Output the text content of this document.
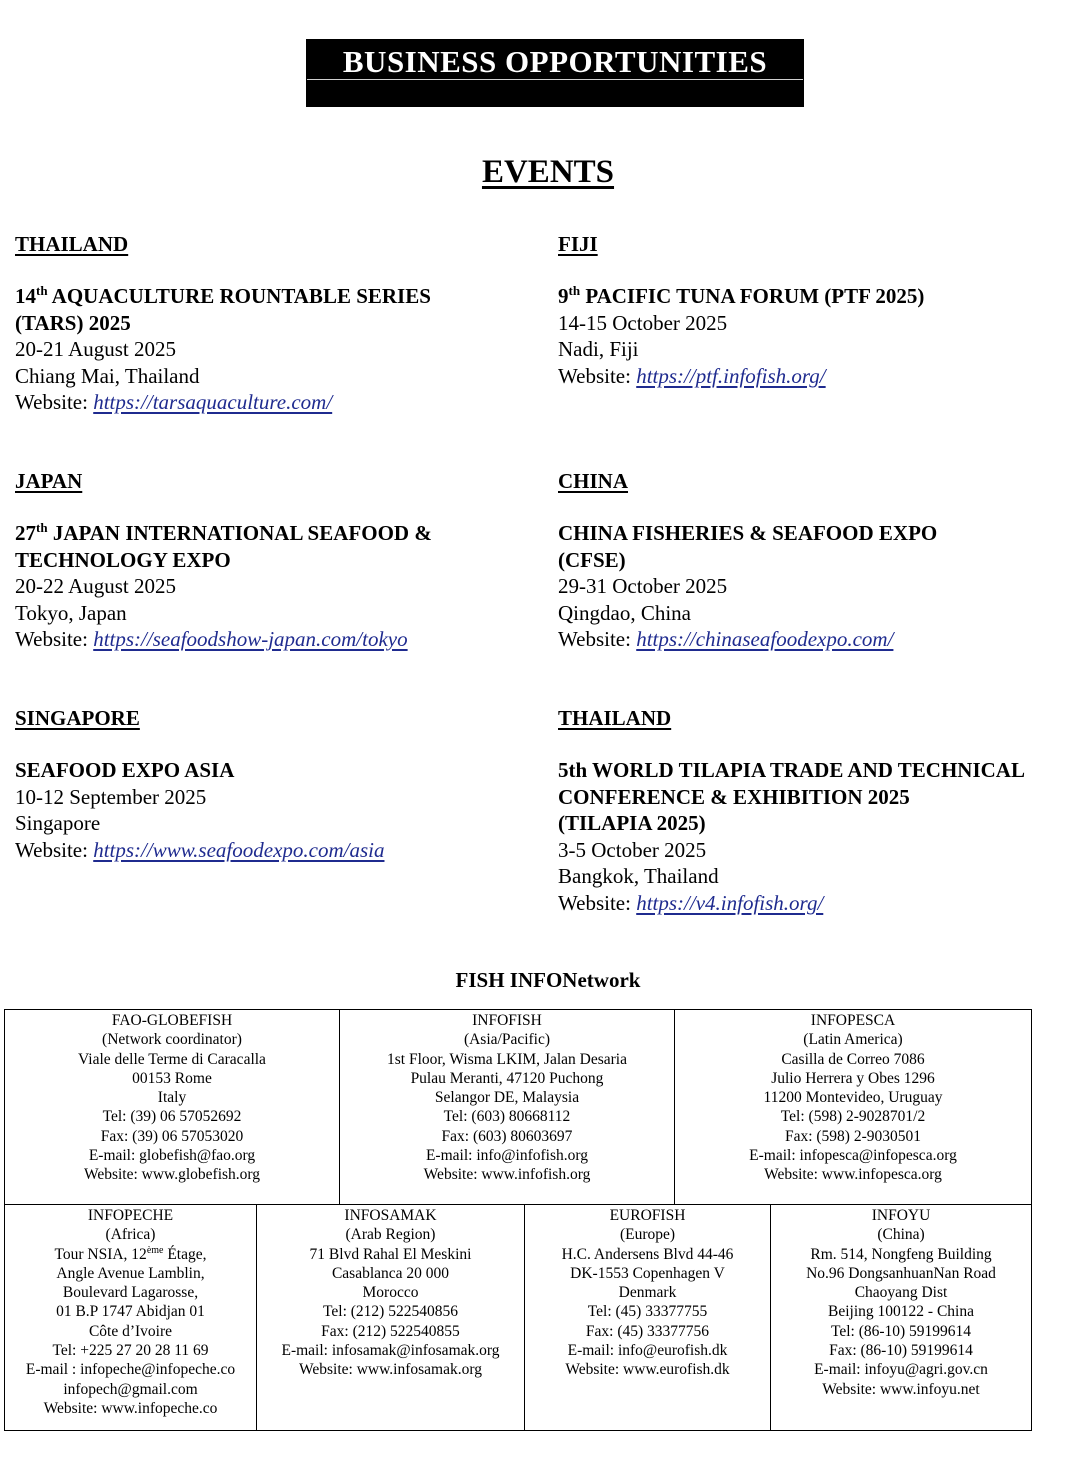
BUSINESS OPPORTUNITIES
EVENTS
THAILAND
14th AQUACULTURE ROUNTABLE SERIES
(TARS) 2025
20-21 August 2025
Chiang Mai, Thailand
Website: https://tarsaquaculture.com/
FIJI
9th PACIFIC TUNA FORUM (PTF 2025)
14-15 October 2025
Nadi, Fiji
Website: https://ptf.infofish.org/
JAPAN
27th JAPAN INTERNATIONAL SEAFOOD &
TECHNOLOGY EXPO
20-22 August 2025
Tokyo, Japan
Website: https://seafoodshow-japan.com/tokyo
CHINA
CHINA FISHERIES & SEAFOOD EXPO
(CFSE)
29-31 October 2025
Qingdao, China
Website: https://chinaseafoodexpo.com/
SINGAPORE
SEAFOOD EXPO ASIA
10-12 September 2025
Singapore
Website: https://www.seafoodexpo.com/asia
THAILAND
5th WORLD TILAPIA TRADE AND TECHNICAL
CONFERENCE & EXHIBITION 2025
(TILAPIA 2025)
3-5 October 2025
Bangkok, Thailand
Website: https://v4.infofish.org/
FISH INFONetwork
FAO-GLOBEFISH
(Network coordinator)
Viale delle Terme di Caracalla
00153 Rome
Italy
Tel: (39) 06 57052692
Fax: (39) 06 57053020
E-mail: globefish@fao.org
Website: www.globefish.org
INFOFISH
(Asia/Pacific)
1st Floor, Wisma LKIM, Jalan Desaria
Pulau Meranti, 47120 Puchong
Selangor DE, Malaysia
Tel: (603) 80668112
Fax: (603) 80603697
E-mail: info@infofish.org
Website: www.infofish.org
INFOPESCA
(Latin America)
Casilla de Correo 7086
Julio Herrera y Obes 1296
11200 Montevideo, Uruguay
Tel: (598) 2-9028701/2
Fax: (598) 2-9030501
E-mail: infopesca@infopesca.org
Website: www.infopesca.org
INFOPECHE
(Africa)
Tour NSIA, 12ème Étage,
Angle Avenue Lamblin,
Boulevard Lagarosse,
01 B.P 1747 Abidjan 01
Côte d’Ivoire
Tel: +225 27 20 28 11 69
E-mail : infopeche@infopeche.co
infopech@gmail.com
Website: www.infopeche.co
INFOSAMAK
(Arab Region)
71 Blvd Rahal El Meskini
Casablanca 20 000
Morocco
Tel: (212) 522540856
Fax: (212) 522540855
E-mail: infosamak@infosamak.org
Website: www.infosamak.org
EUROFISH
(Europe)
H.C. Andersens Blvd 44-46
DK-1553 Copenhagen V
Denmark
Tel: (45) 33377755
Fax: (45) 33377756
E-mail: info@eurofish.dk
Website: www.eurofish.dk
INFOYU
(China)
Rm. 514, Nongfeng Building
No.96 DongsanhuanNan Road
Chaoyang Dist
Beijing 100122 - China
Tel: (86-10) 59199614
Fax: (86-10) 59199614
E-mail: infoyu@agri.gov.cn
Website: www.infoyu.net
